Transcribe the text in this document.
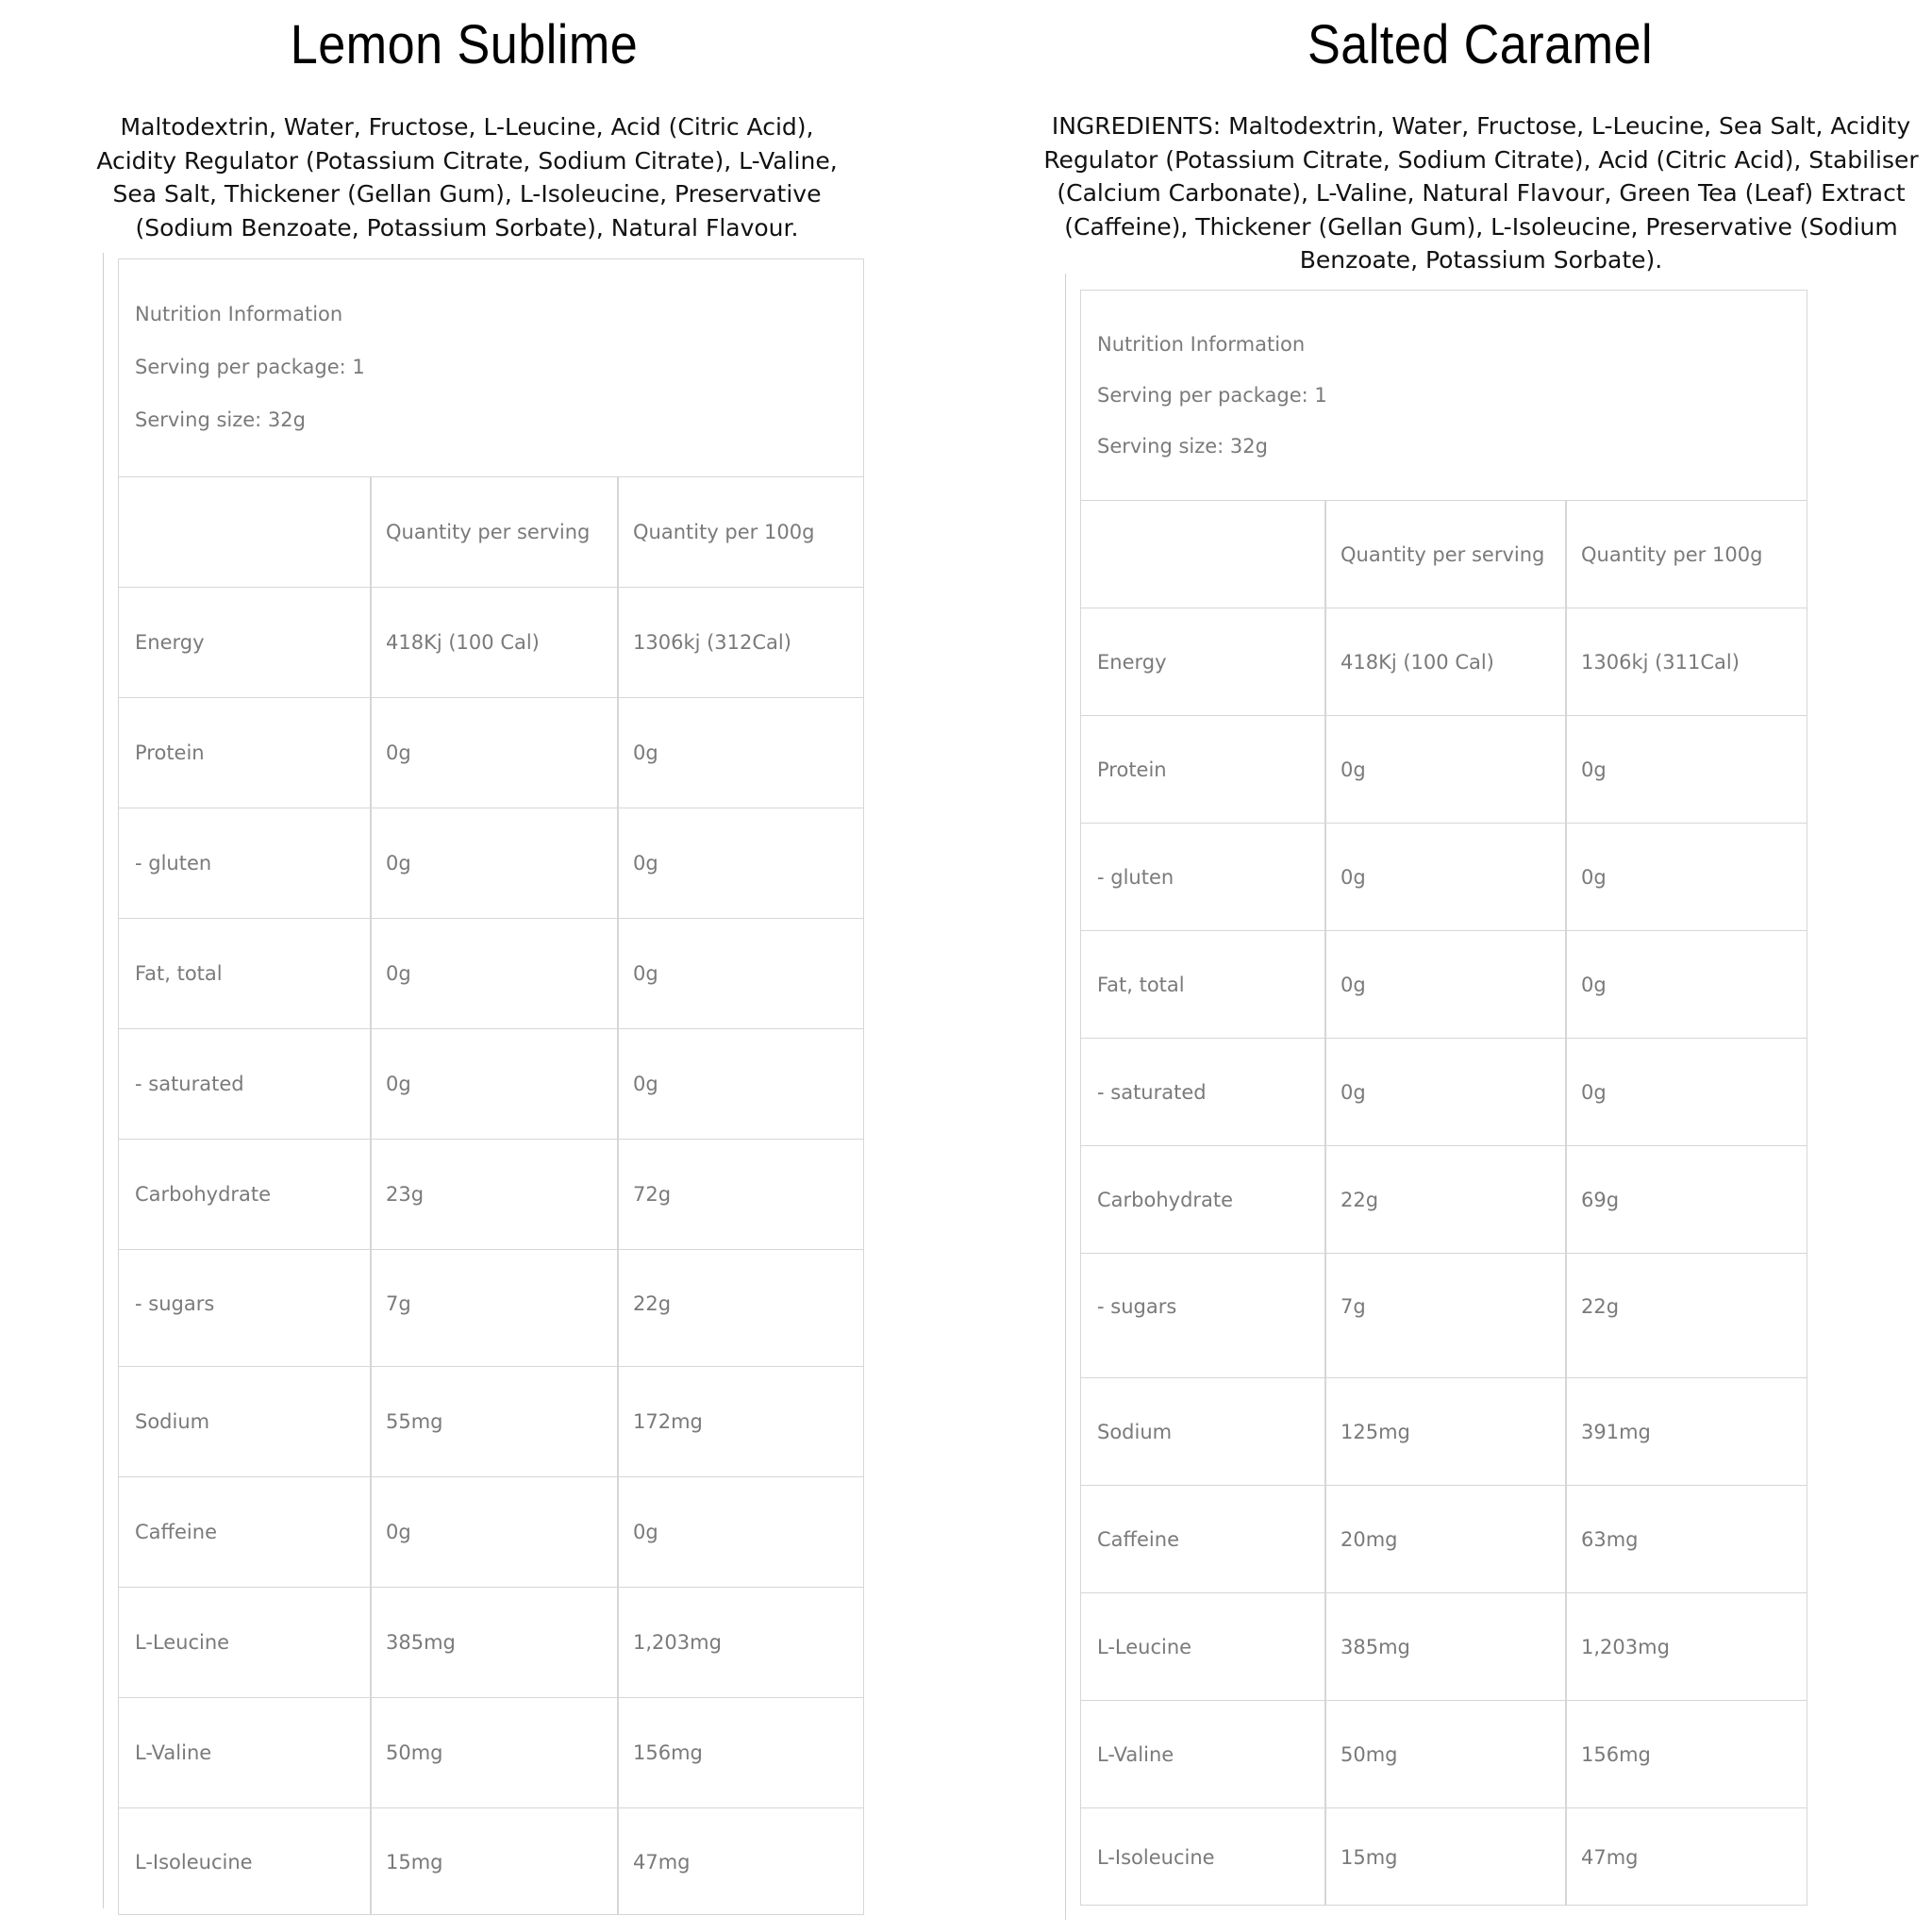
Lemon Sublime

Maltodextrin, Water, Fructose, L-Leucine, Acid (Citric Acid), Acidity Regulator (Potassium Citrate, Sodium Citrate), L-Valine, Sea Salt, Thickener (Gellan Gum), L-Isoleucine, Preservative (Sodium Benzoate, Potassium Sorbate), Natural Flavour.

Nutrition Information
Serving per package: 1
Serving size: 32g
Quantity per serving	Quantity per 100g
Energy	418Kj (100 Cal)	1306kj (312Cal)
Protein	0g	0g
- gluten	0g	0g
Fat, total	0g	0g
- saturated	0g	0g
Carbohydrate	23g	72g
- sugars	7g	22g
Sodium	55mg	172mg
Caffeine	0g	0g
L-Leucine	385mg	1,203mg
L-Valine	50mg	156mg
L-Isoleucine	15mg	47mg
Salted Caramel

INGREDIENTS: Maltodextrin, Water, Fructose, L-Leucine, Sea Salt, Acidity Regulator (Potassium Citrate, Sodium Citrate), Acid (Citric Acid), Stabiliser (Calcium Carbonate), L-Valine, Natural Flavour, Green Tea (Leaf) Extract (Caffeine), Thickener (Gellan Gum), L-Isoleucine, Preservative (Sodium Benzoate, Potassium Sorbate).

Nutrition Information
Serving per package: 1
Serving size: 32g
Quantity per serving	Quantity per 100g
Energy	418Kj (100 Cal)	1306kj (311Cal)
Protein	0g	0g
- gluten	0g	0g
Fat, total	0g	0g
- saturated	0g	0g
Carbohydrate	22g	69g
- sugars	7g	22g
Sodium	125mg	391mg
Caffeine	20mg	63mg
L-Leucine	385mg	1,203mg
L-Valine	50mg	156mg
L-Isoleucine	15mg	47mg
